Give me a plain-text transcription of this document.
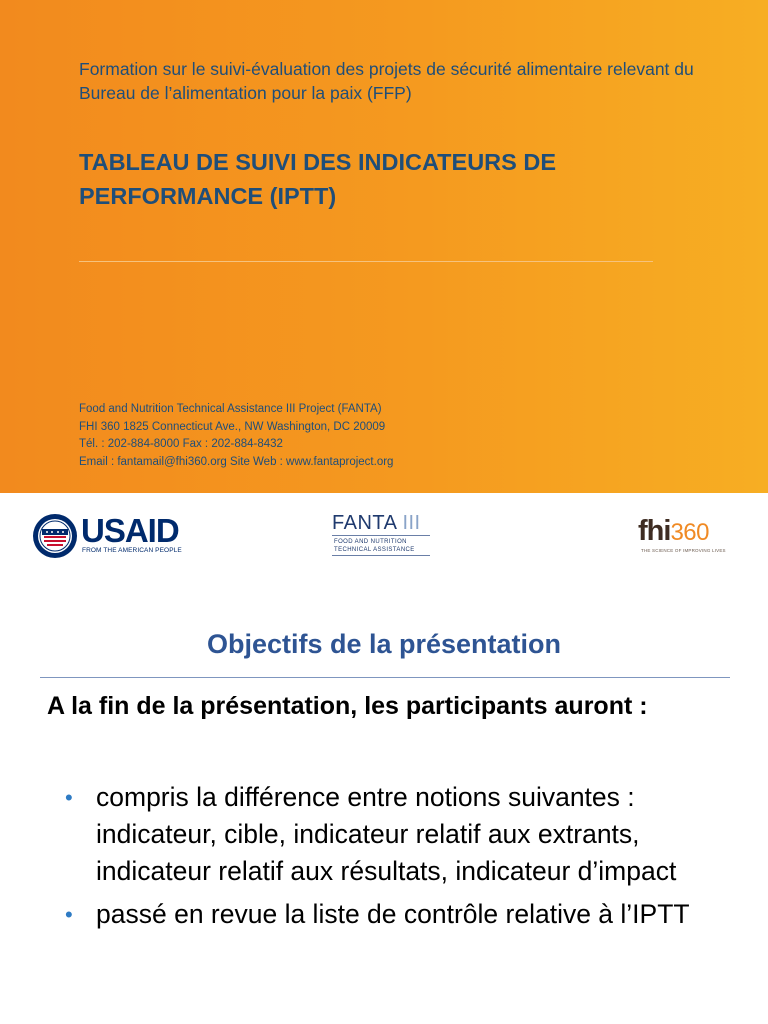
Formation sur le suivi-évaluation des projets de sécurité alimentaire relevant du Bureau de l’alimentation pour la paix (FFP)
TABLEAU DE SUIVI DES INDICATEURS DE PERFORMANCE (IPTT)
Food and Nutrition Technical Assistance III Project (FANTA)
FHI 360 1825 Connecticut Ave., NW Washington, DC 20009
Tél. : 202-884-8000 Fax : 202-884-8432
Email : fantamail@fhi360.org Site Web : www.fantaproject.org
USAID
FROM THE AMERICAN PEOPLE
FANTA III
FOOD AND NUTRITION
TECHNICAL ASSISTANCE
fhi360
THE SCIENCE OF IMPROVING LIVES
Objectifs de la présentation
A la fin de la présentation, les participants auront :
• compris la différence entre notions suivantes : indicateur, cible, indicateur relatif aux extrants, indicateur relatif aux résultats, indicateur d’impact
• passé en revue la liste de contrôle relative à l’IPTT
